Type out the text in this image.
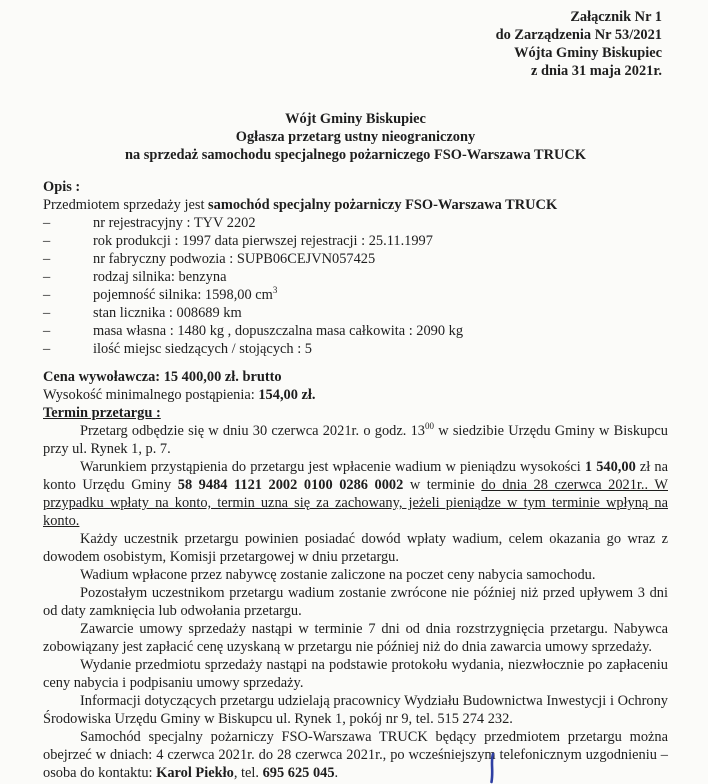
Załącznik Nr 1
do Zarządzenia Nr 53/2021
Wójta Gminy Biskupiec
z dnia 31 maja 2021r.
Wójt Gminy Biskupiec
Ogłasza przetarg ustny nieograniczony
na sprzedaż samochodu specjalnego pożarniczego FSO-Warszawa TRUCK
Opis :
Przedmiotem sprzedaży jest samochód specjalny pożarniczy FSO-Warszawa TRUCK
–	nr rejestracyjny : TYV 2202
–	rok produkcji : 1997 data pierwszej rejestracji : 25.11.1997
–	nr fabryczny podwozia : SUPB06CEJVN057425
–	rodzaj silnika: benzyna
–	pojemność silnika: 1598,00 $cm^3$
–	stan licznika : 008689 km
–	masa własna : 1480 kg , dopuszczalna masa całkowita : 2090 kg
–	ilość miejsc siedzących / stojących : 5
Cena wywoławcza: 15 400,00 zł. brutto
Wysokość minimalnego postąpienia: 154,00 zł.
Termin przetargu :

Przetarg odbędzie się w dniu 30 czerwca 2021r. o godz. $13^{00}$ w siedzibie Urzędu Gminy w Biskupcu przy ul. Rynek 1, p. 7.

Warunkiem przystąpienia do przetargu jest wpłacenie wadium w pieniądzu wysokości 1 540,00 zł na konto Urzędu Gminy 58 9484 1121 2002 0100 0286 0002 w terminie do dnia 28 czerwca 2021r.. W przypadku wpłaty na konto, termin uzna się za zachowany, jeżeli pieniądze w tym terminie wpłyną na konto.

Każdy uczestnik przetargu powinien posiadać dowód wpłaty wadium, celem okazania go wraz z dowodem osobistym, Komisji przetargowej w dniu przetargu.

Wadium wpłacone przez nabywcę zostanie zaliczone na poczet ceny nabycia samochodu.

Pozostałym uczestnikom przetargu wadium zostanie zwrócone nie później niż przed upływem 3 dni od daty zamknięcia lub odwołania przetargu.

Zawarcie umowy sprzedaży nastąpi w terminie 7 dni od dnia rozstrzygnięcia przetargu. Nabywca zobowiązany jest zapłacić cenę uzyskaną w przetargu nie później niż do dnia zawarcia umowy sprzedaży.

Wydanie przedmiotu sprzedaży nastąpi na podstawie protokołu wydania, niezwłocznie po zapłaceniu ceny nabycia i podpisaniu umowy sprzedaży.

Informacji dotyczących przetargu udzielają pracownicy Wydziału Budownictwa Inwestycji i Ochrony Środowiska Urzędu Gminy w Biskupcu ul. Rynek 1, pokój nr 9, tel. 515 274 232.

Samochód specjalny pożarniczy FSO-Warszawa TRUCK będący przedmiotem przetargu można obejrzeć w dniach: 4 czerwca 2021r. do 28 czerwca 2021r., po wcześniejszym telefonicznym uzgodnieniu – osoba do kontaktu: Karol Piekło, tel. 695 625 045.
